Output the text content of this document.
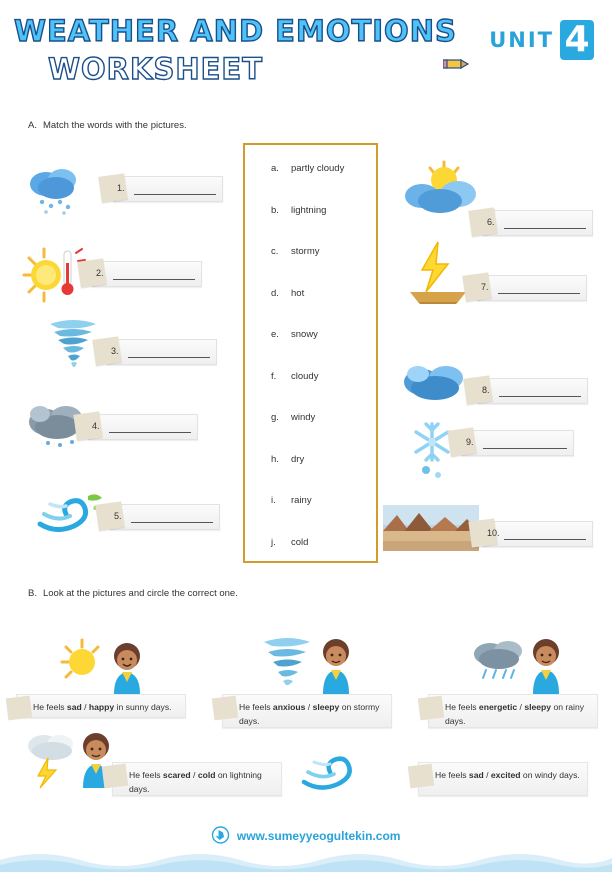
WEATHER AND EMOTIONS
WORKSHEET
UNIT 4
A. Match the words with the pictures.
a. partly cloudy
b. lightning
c. stormy
d. hot
e. snowy
f. cloudy
g. windy
h. dry
i. rainy
j. cold
1.
2.
3.
4.
5.
6.
7.
8.
9.
10.
B. Look at the pictures and circle the correct one.
He feels sad / happy in sunny days.	He feels anxious / sleepy on stormy days.
He feels energetic / sleepy on rainy days.
He feels scared / cold on lightning days.
He feels sad / excited on windy days.
www.sumeyyeogultekin.com
